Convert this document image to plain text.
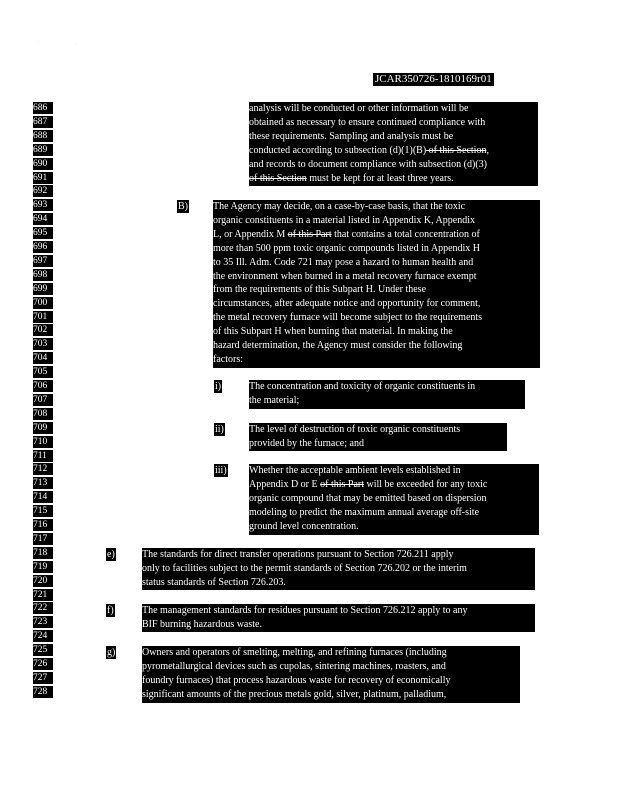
·
·
JCAR350726-1810169r01
686
687
688
689
690
691
692
693
694
695
696
697
698
699
700
701
702
703
704
705
706
707
708
709
710
711
712
713
714
715
716
717
718
719
720
721
722
723
724
725
726
727
728
analysis will be conducted or other information will be
obtained as necessary to ensure continued compliance with
these requirements. Sampling and analysis must be
conducted according to subsection (d)(1)(B) of this Section,
and records to document compliance with subsection (d)(3)
of this Section must be kept for at least three years.
B)	The Agency may decide, on a case-by-case basis, that the toxic
organic constituents in a material listed in Appendix K, Appendix
L, or Appendix M of this Part that contains a total concentration of
more than 500 ppm toxic organic compounds listed in Appendix H
to 35 Ill. Adm. Code 721 may pose a hazard to human health and
the environment when burned in a metal recovery furnace exempt
from the requirements of this Subpart H. Under these
circumstances, after adequate notice and opportunity for comment,
the metal recovery furnace will become subject to the requirements
of this Subpart H when burning that material. In making the
hazard determination, the Agency must consider the following
factors:
i)	The concentration and toxicity of organic constituents in
the material;
ii)	The level of destruction of toxic organic constituents
provided by the furnace; and
iii) Whether the acceptable ambient levels established in
Appendix D or E of this Part will be exceeded for any toxic
organic compound that may be emitted based on dispersion
modeling to predict the maximum annual average off-site
ground level concentration.
e)	The standards for direct transfer operations pursuant to Section 726.211 apply
only to facilities subject to the permit standards of Section 726.202 or the interim
status standards of Section 726.203.
f)	The management standards for residues pursuant to Section 726.212 apply to any
BIF burning hazardous waste.
g)	Owners and operators of smelting, melting, and refining furnaces (including
pyrometallurgical devices such as cupolas, sintering machines, roasters, and
foundry furnaces) that process hazardous waste for recovery of economically
significant amounts of the precious metals gold, silver, platinum, palladium,
